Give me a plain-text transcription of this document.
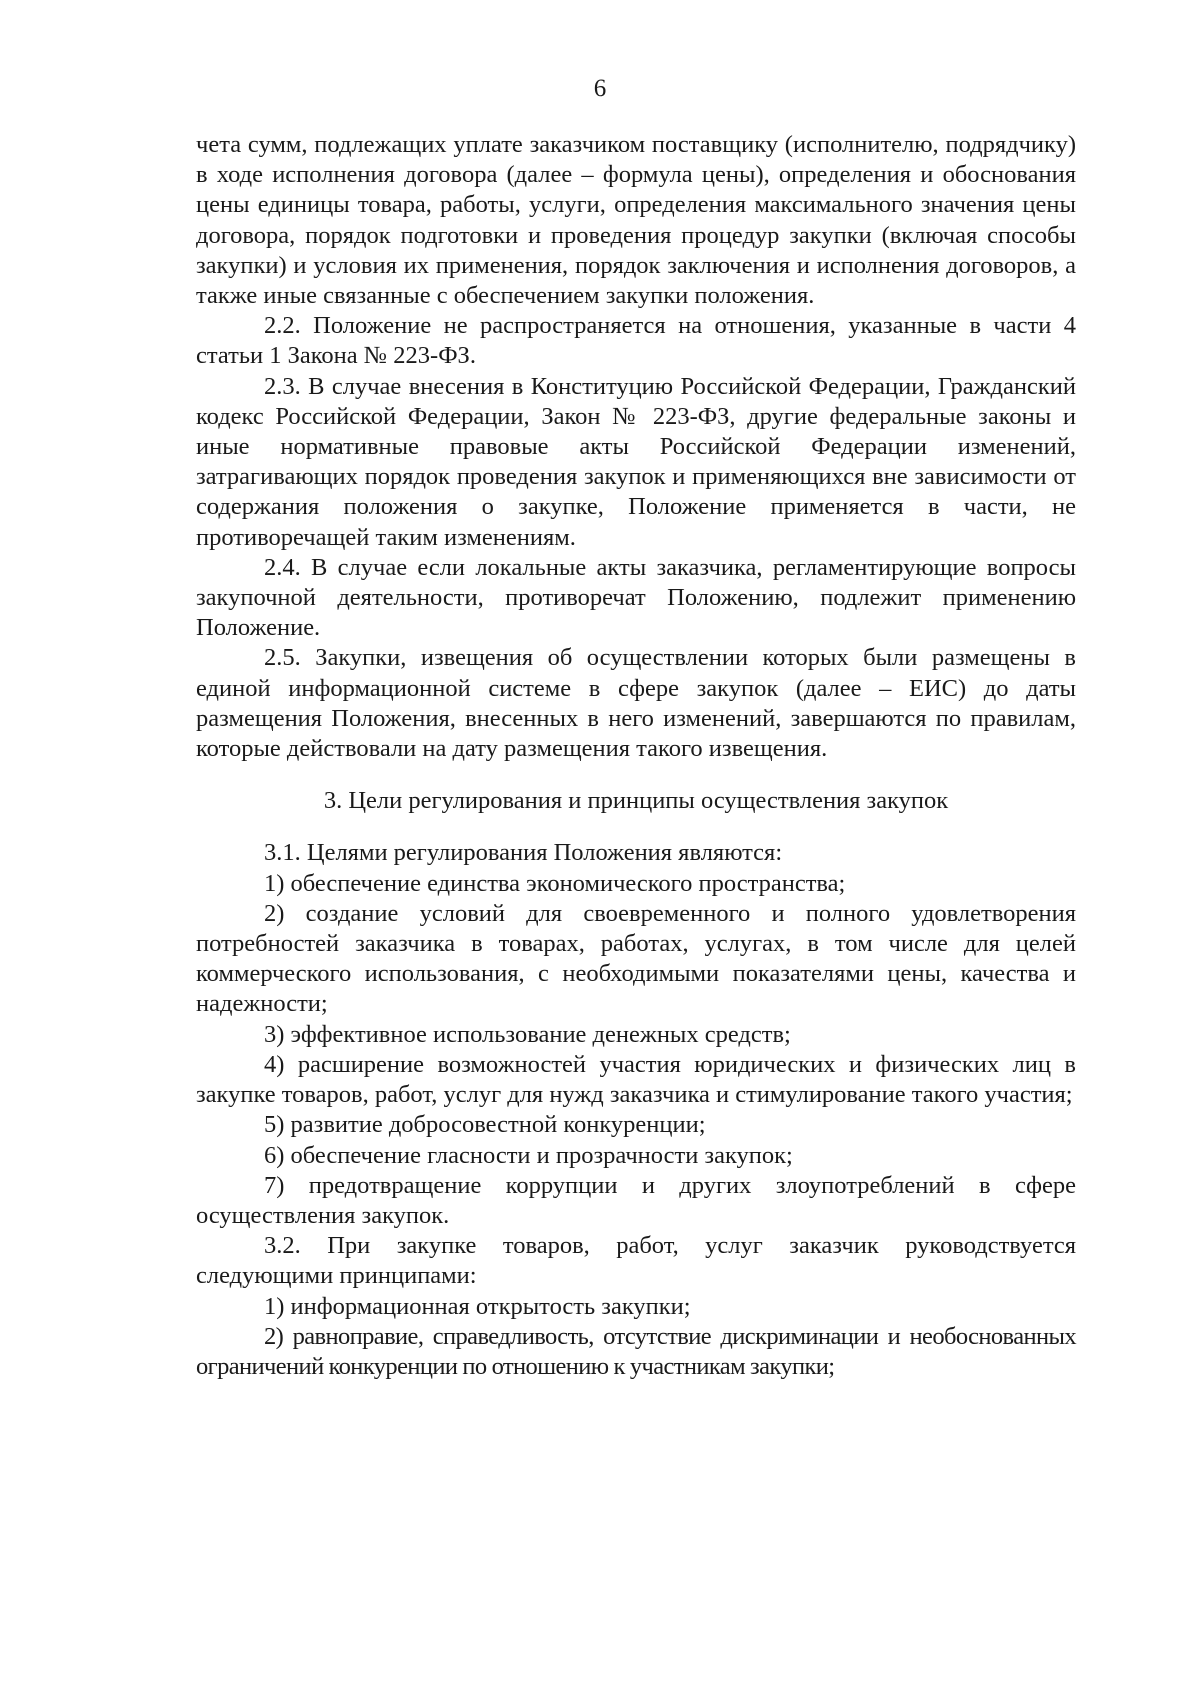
6

чета сумм, подлежащих уплате заказчиком поставщику (исполнителю, подрядчику) в ходе исполнения договора (далее – формула цены), определения и обоснования цены единицы товара, работы, услуги, определения максимального значения цены договора, порядок подготовки и проведения процедур закупки (включая способы закупки) и условия их применения, порядок заключения и исполнения договоров, а также иные связанные с обеспечением закупки положения.

2.2. Положение не распространяется на отношения, указанные в части 4 статьи 1 Закона № 223-ФЗ.

2.3. В случае внесения в Конституцию Российской Федерации, Гражданский кодекс Российской Федерации, Закон № 223-ФЗ, другие федеральные законы и иные нормативные правовые акты Российской Федерации изменений, затрагивающих порядок проведения закупок и применяющихся вне зависимости от содержания положения о закупке, Положение применяется в части, не противоречащей таким изменениям.

2.4. В случае если локальные акты заказчика, регламентирующие вопросы закупочной деятельности, противоречат Положению, подлежит применению Положение.

2.5. Закупки, извещения об осуществлении которых были размещены в единой информационной системе в сфере закупок (далее – ЕИС) до даты размещения Положения, внесенных в него изменений, завершаются по правилам, которые действовали на дату размещения такого извещения.

3. Цели регулирования и принципы осуществления закупок

3.1. Целями регулирования Положения являются:

1) обеспечение единства экономического пространства;

2) создание условий для своевременного и полного удовлетворения потребностей заказчика в товарах, работах, услугах, в том числе для целей коммерческого использования, с необходимыми показателями цены, качества и надежности;

3) эффективное использование денежных средств;

4) расширение возможностей участия юридических и физических лиц в закупке товаров, работ, услуг для нужд заказчика и стимулирование такого участия;

5) развитие добросовестной конкуренции;

6) обеспечение гласности и прозрачности закупок;

7) предотвращение коррупции и других злоупотреблений в сфере осуществления закупок.

3.2. При закупке товаров, работ, услуг заказчик руководствуется следующими принципами:

1) информационная открытость закупки;

2) равноправие, справедливость, отсутствие дискриминации и необоснованных ограничений конкуренции по отношению к участникам закупки;
